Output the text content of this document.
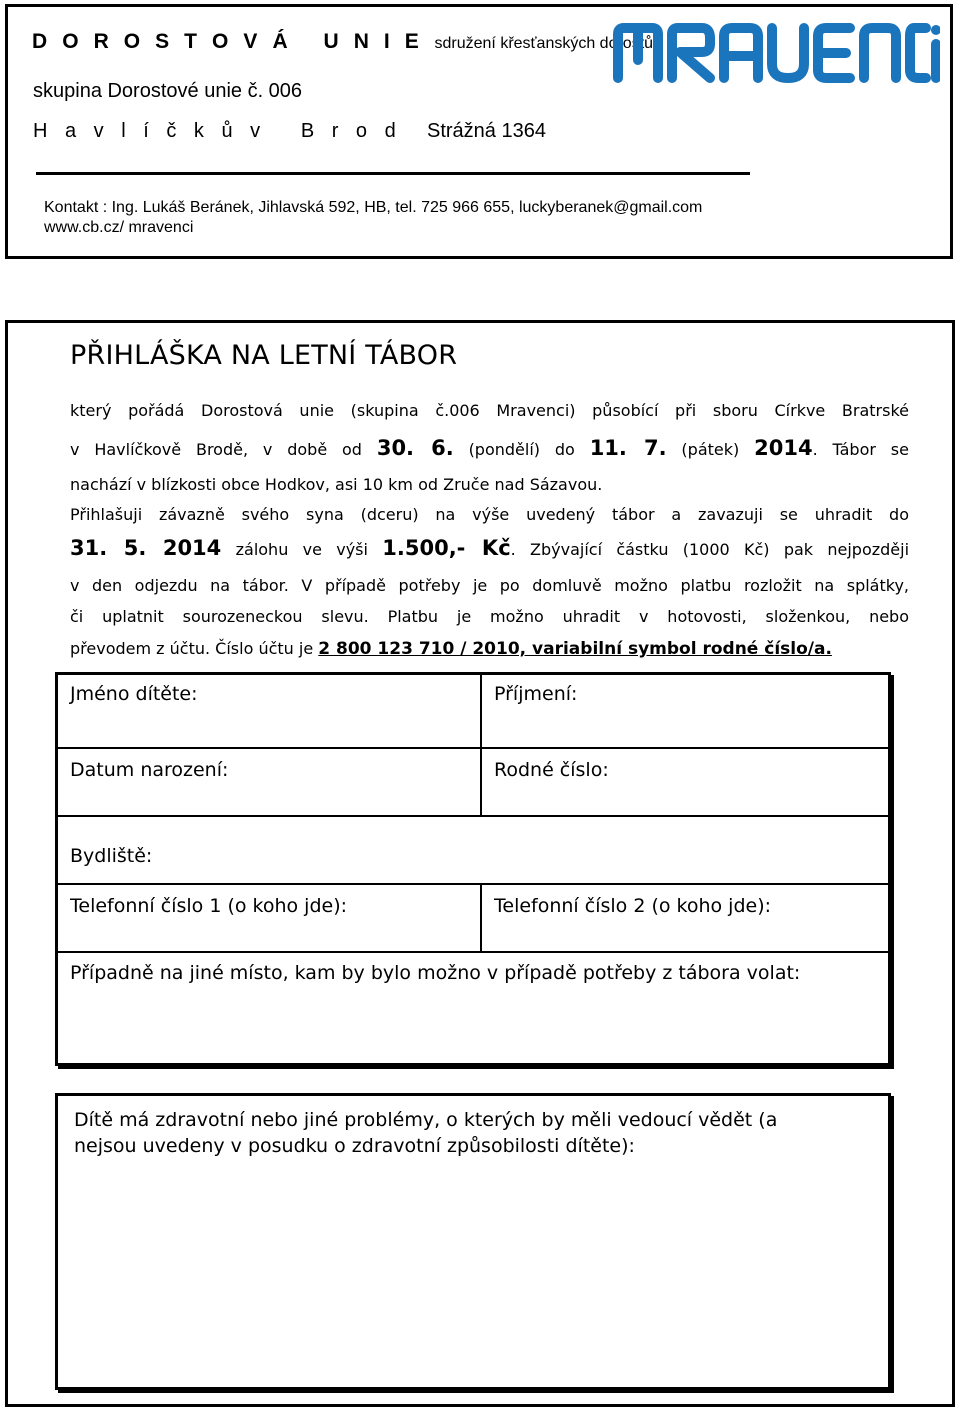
D O R O S T O V Á   U N I E sdružení křesťanských dorostů
skupina Dorostové unie č. 006
H a v l í č k ů v   B r o d Strážná 1364
Kontakt : Ing. Lukáš Beránek, Jihlavská 592, HB, tel. 725 966 655, luckyberanek@gmail.com
www.cb.cz/ mravenci
PŘIHLÁŠKA NA LETNÍ TÁBOR
který pořádá Dorostová unie (skupina č.006 Mravenci) působící při sboru Církve Bratrské
v Havlíčkově Brodě, v době od 30. 6. (pondělí) do 11. 7. (pátek) 2014. Tábor se
nachází v blízkosti obce Hodkov, asi 10 km od Zruče nad Sázavou.
Přihlašuji závazně svého syna (dceru) na výše uvedený tábor a zavazuji se uhradit do
31. 5. 2014 zálohu ve výši 1.500,- Kč. Zbývající částku (1000 Kč) pak nejpozději
v den odjezdu na tábor. V případě potřeby je po domluvě možno platbu rozložit na splátky,
či uplatnit sourozeneckou slevu. Platbu je možno uhradit v hotovosti, složenkou, nebo
převodem z účtu. Číslo účtu je 2 800 123 710 / 2010, variabilní symbol rodné číslo/a.
Jméno dítěte:	Příjmení:
Datum narození:	Rodné číslo:
Bydliště:
Telefonní číslo 1 (o koho jde):	Telefonní číslo 2 (o koho jde):
Případně na jiné místo, kam by bylo možno v případě potřeby z tábora volat:
Dítě má zdravotní nebo jiné problémy, o kterých by měli vedoucí vědět (a
nejsou uvedeny v posudku o zdravotní způsobilosti dítěte):
